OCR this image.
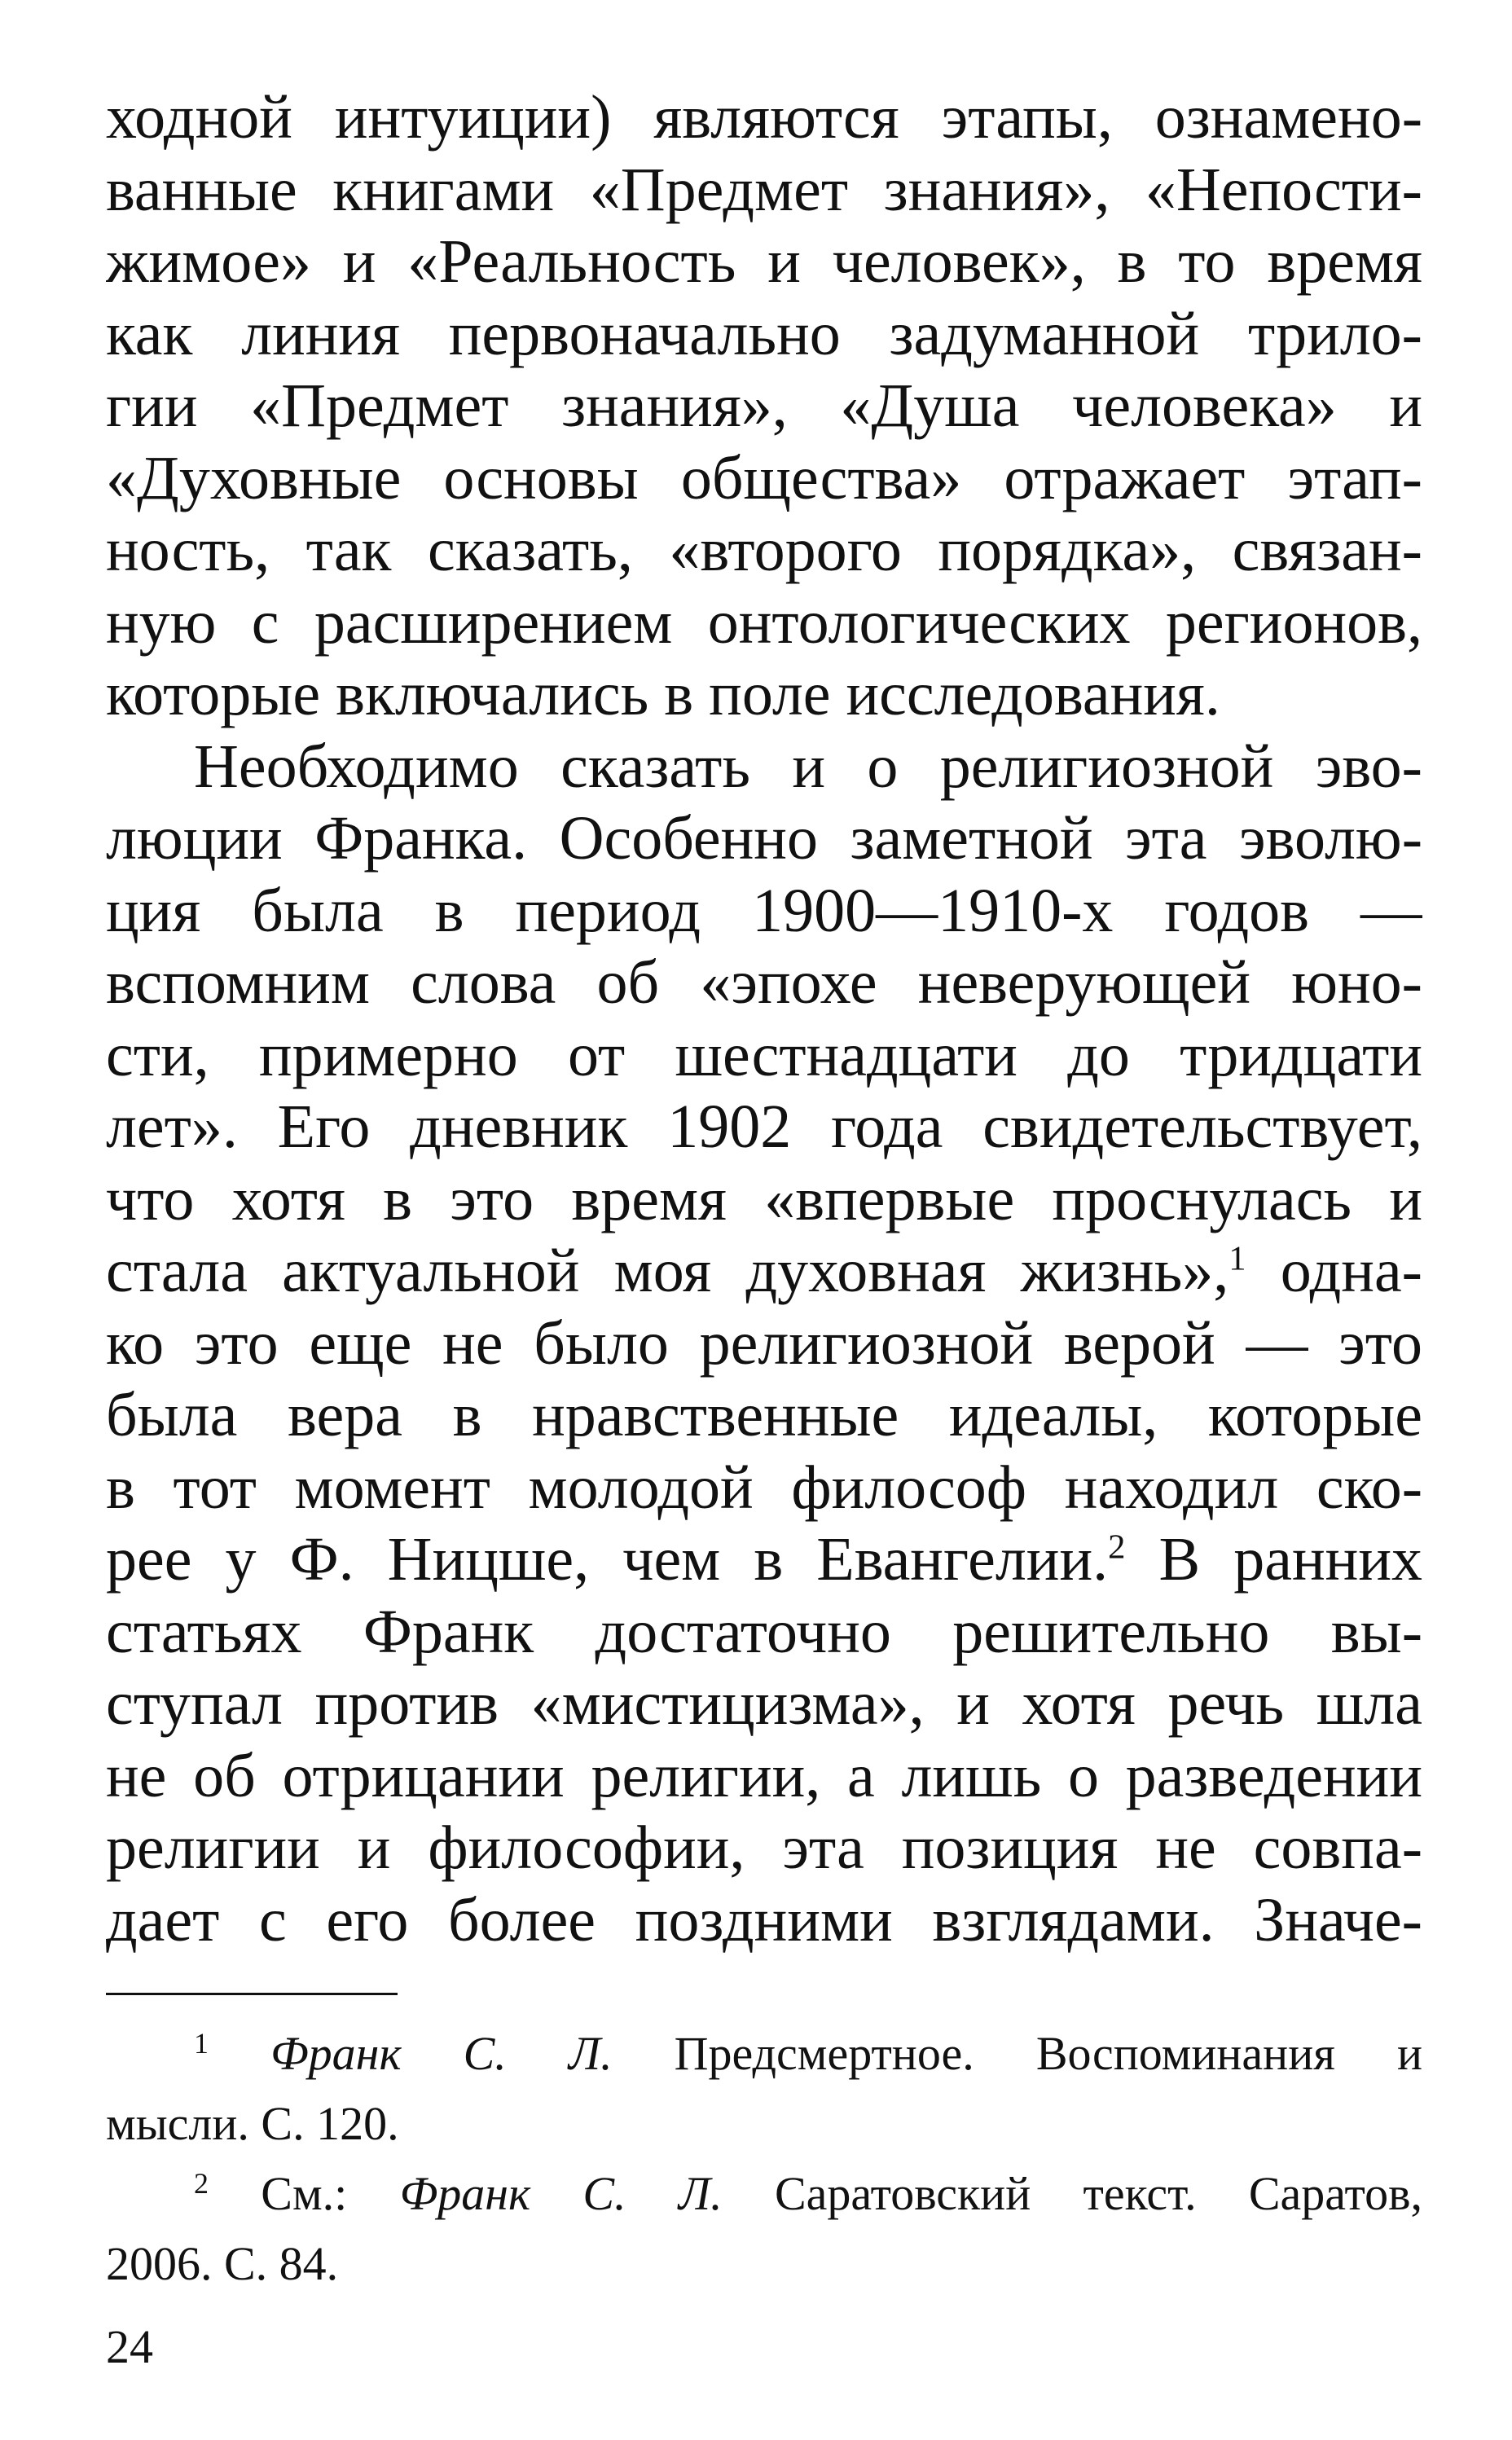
ходной интуиции) являются этапы, ознамено-
ванные книгами «Предмет знания», «Непости-
жимое» и «Реальность и человек», в то время
как линия первоначально задуманной трило-
гии «Предмет знания», «Душа человека» и
«Духовные основы общества» отражает этап-
ность, так сказать, «второго порядка», связан-
ную с расширением онтологических регионов,
которые включались в поле исследования.
Необходимо сказать и о религиозной эво-
люции Франка. Особенно заметной эта эволю-
ция была в период 1900—1910-х годов —
вспомним слова об «эпохе неверующей юно-
сти, примерно от шестнадцати до тридцати
лет». Его дневник 1902 года свидетельствует,
что хотя в это время «впервые проснулась и
стала актуальной моя духовная жизнь»,$^1$ одна-
ко это еще не было религиозной верой — это
была вера в нравственные идеалы, которые
в тот момент молодой философ находил ско-
рее у Ф. Ницше, чем в Евангелии.$^2$ В ранних
статьях Франк достаточно решительно вы-
ступал против «мистицизма», и хотя речь шла
не об отрицании религии, а лишь о разведении
религии и философии, эта позиция не совпа-
дает с его более поздними взглядами. Значе-
$^1$ Франк С. Л. Предсмертное. Воспоминания и
мысли. С. 120.
$^2$ См.: Франк С. Л. Саратовский текст. Саратов,
2006. С. 84.
24
